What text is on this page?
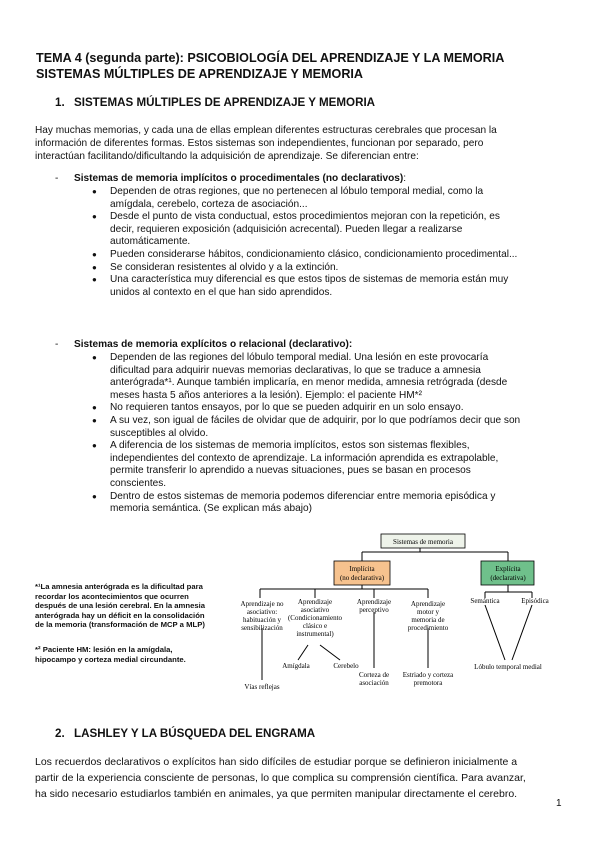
TEMA 4 (segunda parte): PSICOBIOLOGÍA DEL APRENDIZAJE Y LA MEMORIA
SISTEMAS MÚLTIPLES DE APRENDIZAJE Y MEMORIA
1. SISTEMAS MÚLTIPLES DE APRENDIZAJE Y MEMORIA
Hay muchas memorias, y cada una de ellas emplean diferentes estructuras cerebrales que procesan la
información de diferentes formas. Estos sistemas son independientes, funcionan por separado, pero
interactúan facilitando/dificultando la adquisición de aprendizaje. Se diferencian entre:
- Sistemas de memoria implícitos o procedimentales (no declarativos):
● Dependen de otras regiones, que no pertenecen al lóbulo temporal medial, como la
amígdala, cerebelo, corteza de asociación...
● Desde el punto de vista conductual, estos procedimientos mejoran con la repetición, es
decir, requieren exposición (adquisición acrecental). Pueden llegar a realizarse
automáticamente.
● Pueden considerarse hábitos, condicionamiento clásico, condicionamiento procedimental...
● Se consideran resistentes al olvido y a la extinción.
● Una característica muy diferencial es que estos tipos de sistemas de memoria están muy
unidos al contexto en el que han sido aprendidos.
- Sistemas de memoria explícitos o relacional (declarativo):
● Dependen de las regiones del lóbulo temporal medial. Una lesión en este provocaría
dificultad para adquirir nuevas memorias declarativas, lo que se traduce a amnesia
anterógrada*¹. Aunque también implicaría, en menor medida, amnesia retrógrada (desde
meses hasta 5 años anteriores a la lesión). Ejemplo: el paciente HM*²
● No requieren tantos ensayos, por lo que se pueden adquirir en un solo ensayo.
● A su vez, son igual de fáciles de olvidar que de adquirir, por lo que podríamos decir que son
susceptibles al olvido.
● A diferencia de los sistemas de memoria implícitos, estos son sistemas flexibles,
independientes del contexto de aprendizaje. La información aprendida es extrapolable,
permite transferir lo aprendido a nuevas situaciones, pues se basan en procesos
conscientes.
● Dentro de estos sistemas de memoria podemos diferenciar entre memoria episódica y
memoria semántica. (Se explican más abajo)
*¹La amnesia anterógrada es la dificultad para
recordar los acontecimientos que ocurren
después de una lesión cerebral. En la amnesia
anterógrada hay un déficit en la consolidación
de la memoria (transformación de MCP a MLP)
*² Paciente HM: lesión en la amígdala,
hipocampo y corteza medial circundante.
Sistemas de memoria
Implícita
(no declarativa)
Explícita
(declarativa)
Aprendizaje no
asociativo:
habituación y
sensibilización
Aprendizaje
asociativo
(Condicionamiento
clásico e
instrumental)
Aprendizaje
perceptivo
Aprendizaje
motor y
memoria de
procedimiento
Semántica	Episódica
Vías reflejas
Amígdala	Cerebelo
Corteza de
asociación
Estriado y corteza
premotora
Lóbulo temporal medial
2. LASHLEY Y LA BÚSQUEDA DEL ENGRAMA
Los recuerdos declarativos o explícitos han sido difíciles de estudiar porque se definieron inicialmente a
partir de la experiencia consciente de personas, lo que complica su comprensión científica. Para avanzar,
ha sido necesario estudiarlos también en animales, ya que permiten manipular directamente el cerebro.
1
